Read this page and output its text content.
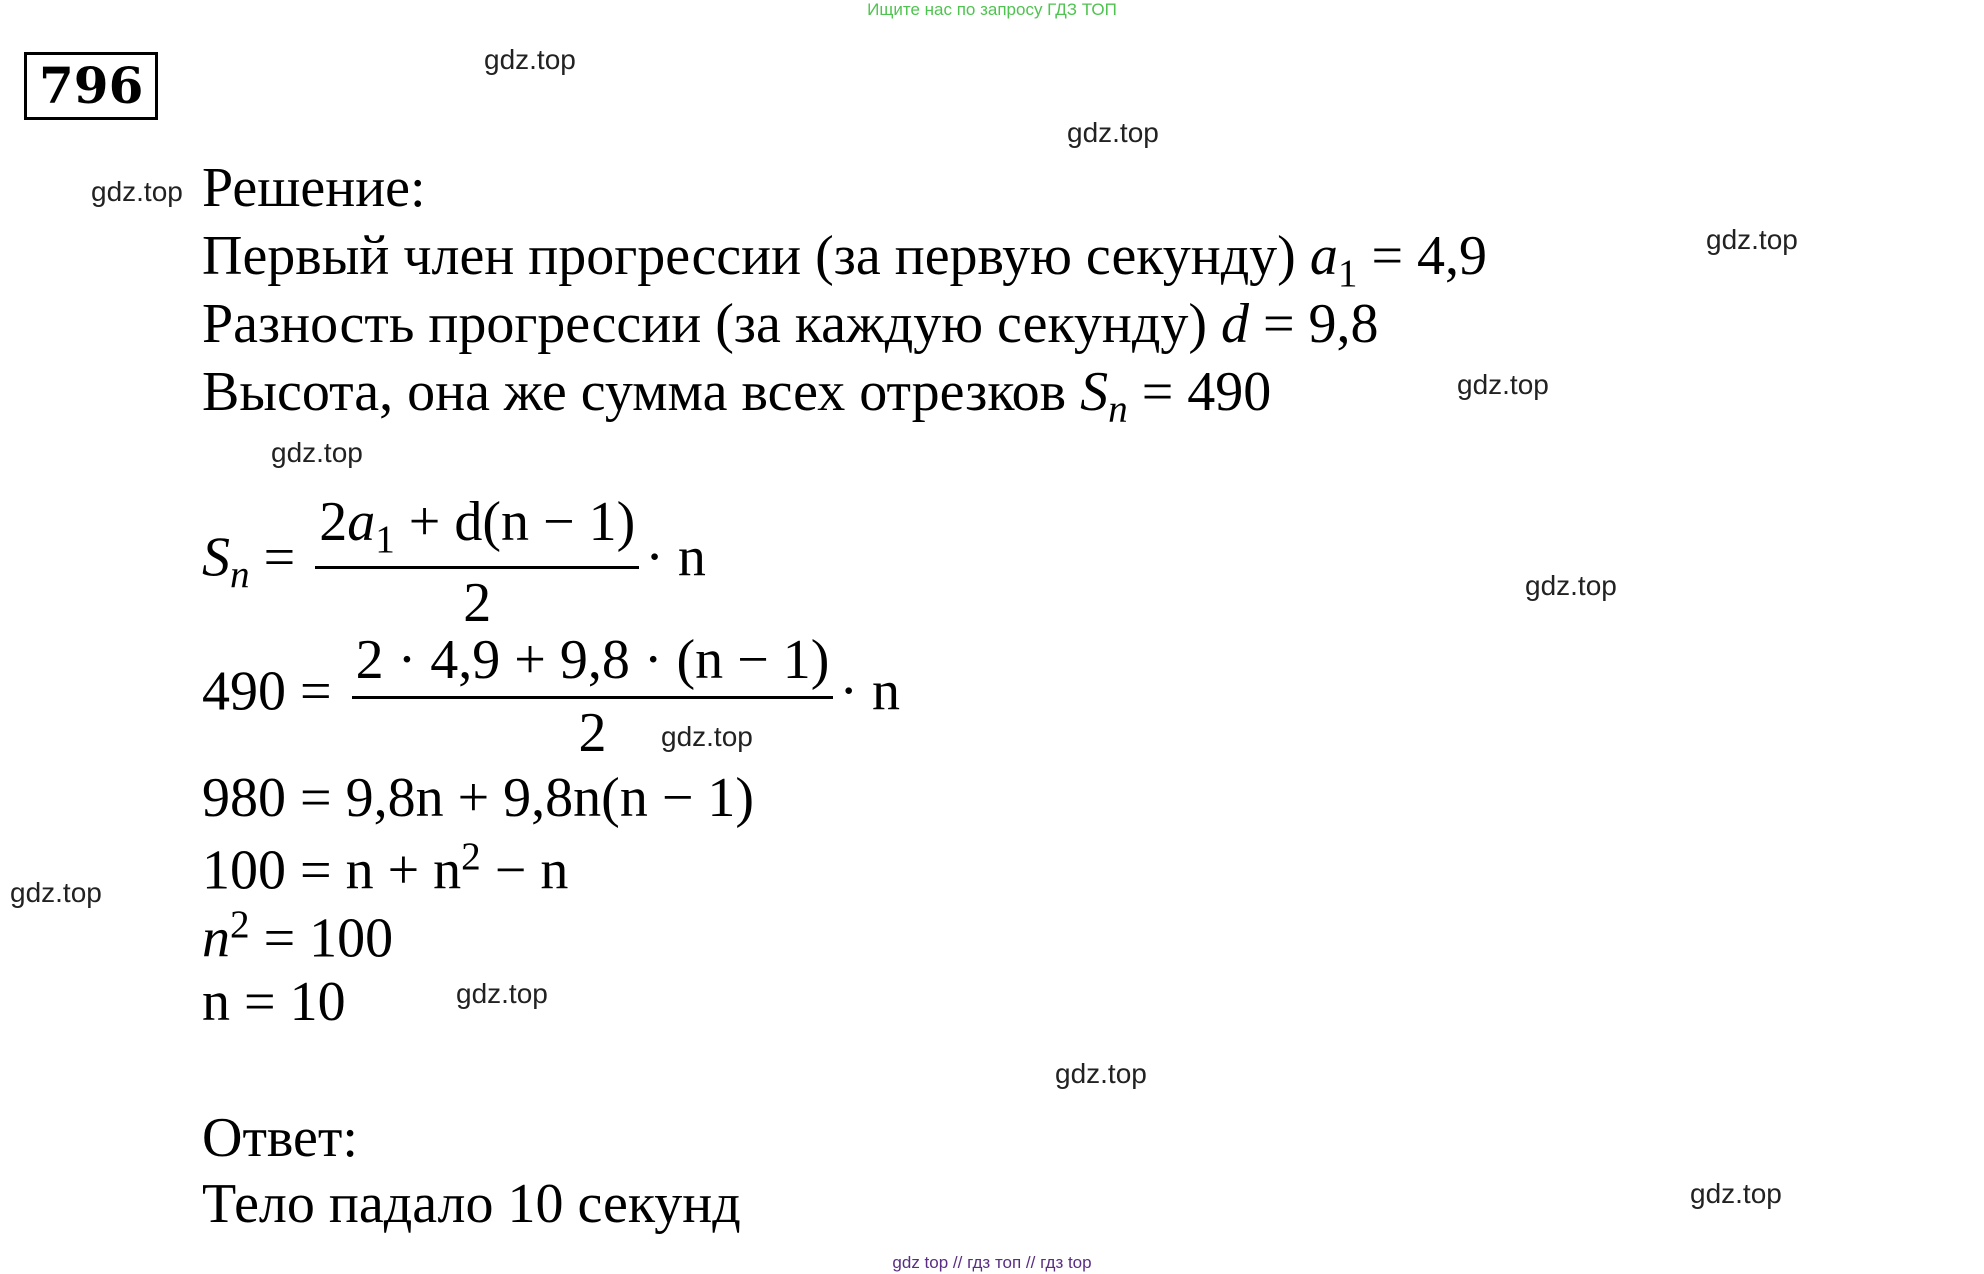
Ищите нас по запросу ГДЗ ТОП
796	gdz.top
gdz.top
gdz.top
gdz.top
gdz.top
gdz.top
gdz.top
gdz.top
gdz.top
gdz.top
gdz.top
gdz.top
Решение:
Первый член прогрессии (за первую секунду) $a_1 = 4,9$
Разность прогрессии (за каждую секунду) d = 9,8
Высота, она же сумма всех отрезков $S_n = 490$
$S_n = \frac{2a_1 + d(n - 1)}{2} \cdot n$
$490 = \frac{2 \cdot 4,9 + 9,8 \cdot (n - 1)}{2} \cdot n$
980 = 9,8n + 9,8n(n − 1)
$100 = n + n^2 - n$
$n^2 = 100$
n = 10
Ответ:
Тело падало 10 секунд
gdz top // гдз топ // гдз top
